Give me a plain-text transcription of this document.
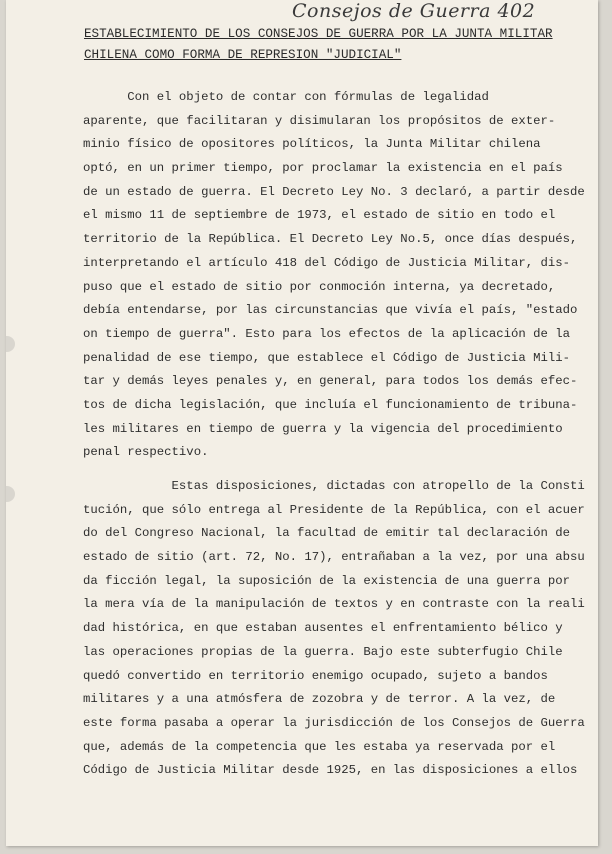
Consejos de Guerra 402
ESTABLECIMIENTO DE LOS CONSEJOS DE GUERRA POR LA JUNTA MILITAR
CHILENA COMO FORMA DE REPRESION "JUDICIAL"
Con el objeto de contar con fórmulas de legalidad
aparente, que facilitaran y disimularan los propósitos de exter-
minio físico de opositores políticos, la Junta Militar chilena
optó, en un primer tiempo, por proclamar la existencia en el país
de un estado de guerra. El Decreto Ley No. 3 declaró, a partir desde
el mismo 11 de septiembre de 1973, el estado de sitio en todo el
territorio de la República. El Decreto Ley No.5, once días después,
interpretando el artículo 418 del Código de Justicia Militar, dis-
puso que el estado de sitio por conmoción interna, ya decretado,
debía entendarse, por las circunstancias que vivía el país, "estado
on tiempo de guerra". Esto para los efectos de la aplicación de la
penalidad de ese tiempo, que establece el Código de Justicia Mili-
tar y demás leyes penales y, en general, para todos los demás efec-
tos de dicha legislación, que incluía el funcionamiento de tribuna-
les militares en tiempo de guerra y la vigencia del procedimiento
penal respectivo.
Estas disposiciones, dictadas con atropello de la Consti
tución, que sólo entrega al Presidente de la República, con el acuer
do del Congreso Nacional, la facultad de emitir tal declaración de
estado de sitio (art. 72, No. 17), entrañaban a la vez, por una absu
da ficción legal, la suposición de la existencia de una guerra por
la mera vía de la manipulación de textos y en contraste con la reali
dad histórica, en que estaban ausentes el enfrentamiento bélico y
las operaciones propias de la guerra. Bajo este subterfugio Chile
quedó convertido en territorio enemigo ocupado, sujeto a bandos
militares y a una atmósfera de zozobra y de terror. A la vez, de
este forma pasaba a operar la jurisdicción de los Consejos de Guerra
que, además de la competencia que les estaba ya reservada por el
Código de Justicia Militar desde 1925, en las disposiciones a ellos
